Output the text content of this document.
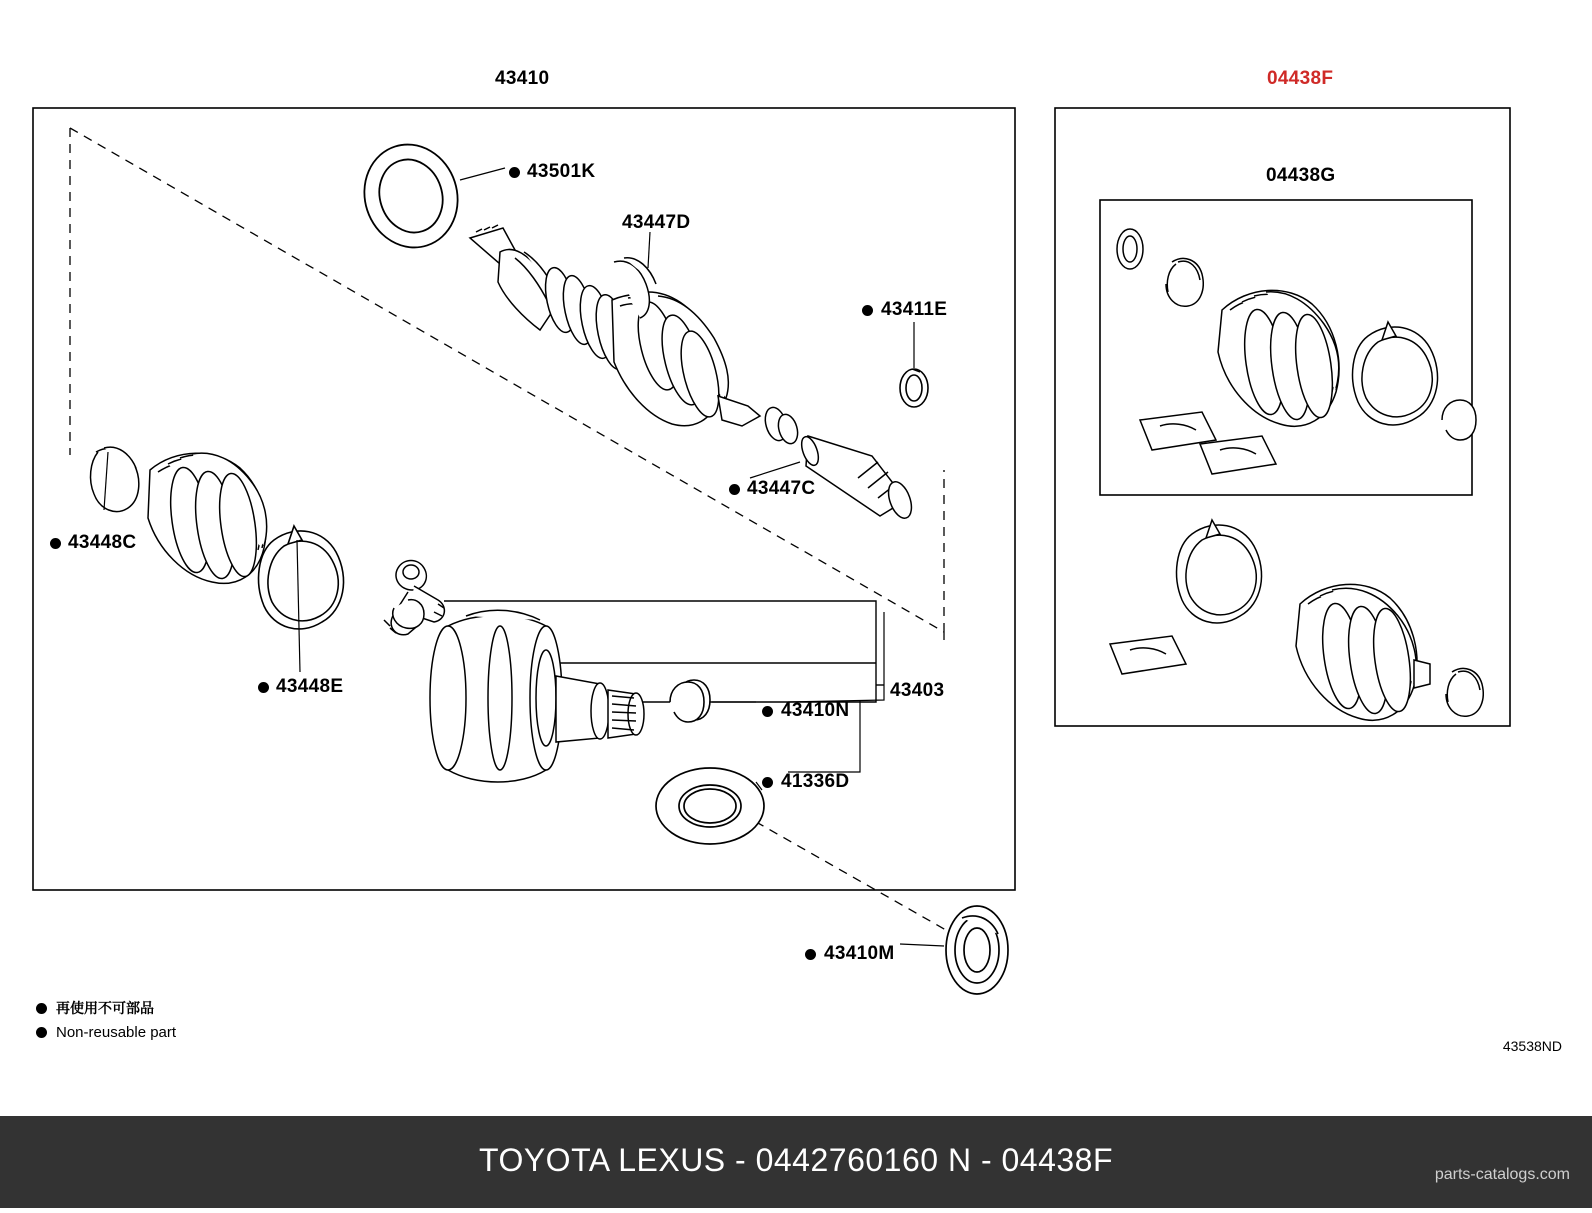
43410	04438F
04438G
43501K
43447D
43411E
43447C
43448C
43448E	43403
43410N
41336D
43410M
再使用不可部品
Non-reusable part
43538ND
TOYOTA LEXUS - 0442760160 N - 04438F	parts-catalogs.com
